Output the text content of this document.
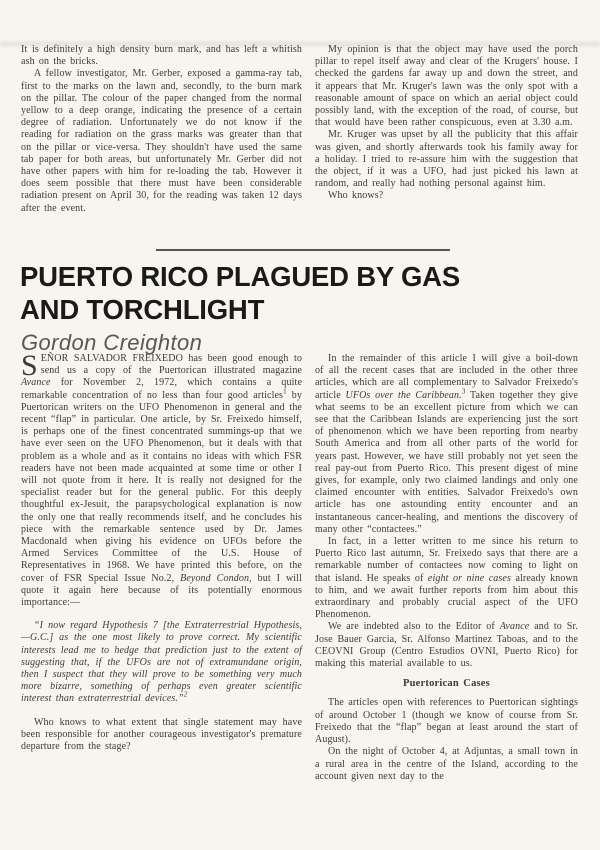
It is definitely a high density burn mark, and has left a whitish ash on the bricks.

A fellow investigator, Mr. Gerber, exposed a gamma-ray tab, first to the marks on the lawn and, secondly, to the burn mark on the pillar. The colour of the paper changed from the normal yellow to a deep orange, indicating the presence of a certain degree of radiation. Unfortunately we do not know if the reading for radiation on the grass marks was greater than that on the pillar or vice-versa. They shouldn't have used the same tab paper for both areas, but unfortunately Mr. Gerber did not have other papers with him for re-loading the tab. However it does seem possible that there must have been considerable radiation present on April 30, for the reading was taken 12 days after the event.

My opinion is that the object may have used the porch pillar to repel itself away and clear of the Krugers' house. I checked the gardens far away up and down the street, and it appears that Mr. Kruger's lawn was the only spot with a reasonable amount of space on which an aerial object could possibly land, with the exception of the road, of course, but that would have been rather conspicuous, even at 3.30 a.m.

Mr. Kruger was upset by all the publicity that this affair was given, and shortly afterwards took his family away for a holiday. I tried to re-assure him with the suggestion that the object, if it was a UFO, had just picked his lawn at random, and really had nothing personal against him.

Who knows?

PUERTO RICO PLAGUED BY GAS AND TORCHLIGHT
Gordon Creighton

SEÑOR SALVADOR FREIXEDO has been good enough to send us a copy of the Puertorican illustrated magazine Avance for November 2, 1972, which contains a quite remarkable concentration of no less than four good articles$^1$ by Puertorican writers on the UFO Phenomenon in general and the recent “flap” in particular. One article, by Sr. Freixedo himself, is perhaps one of the finest concentrated summings-up that we have ever seen on the UFO Phenomenon, but it deals with that problem as a whole and as it contains no ideas with which FSR readers have not been made acquainted at some time or other I will not quote from it here. It is really not designed for the specialist reader but for the general public. For this deeply thoughtful ex-Jesuit, the parapsychological explanation is now the only one that really recommends itself, and he concludes his piece with the remarkable sentence used by Dr. James Macdonald when giving his evidence on UFOs before the Armed Services Committee of the U.S. House of Representatives in 1968. We have printed this before, on the cover of FSR Special Issue No.2, Beyond Condon, but I will quote it again here because of its potentially enormous importance:—

“I now regard Hypothesis 7 [the Extraterrestrial Hypothesis,—G.C.] as the one most likely to prove correct. My scientific interests lead me to hedge that prediction just to the extent of suggesting that, if the UFOs are not of extramundane origin, then I suspect that they will prove to be something very much more bizarre, something of perhaps even greater scientific interest than extraterrestrial devices.”$^2$

Who knows to what extent that single statement may have been responsible for another courageous investigator's premature departure from the stage?

In the remainder of this article I will give a boil-down of all the recent cases that are included in the other three articles, which are all complementary to Salvador Freixedo's article UFOs over the Caribbean.$^3$ Taken together they give what seems to be an excellent picture from which we can see that the Caribbean Islands are experiencing just the sort of phenomenon which we have been reporting from nearby South America and from all other parts of the world for years past. However, we have still probably not yet seen the real pay-out from Puerto Rico. This present digest of mine gives, for example, only two claimed landings and only one claimed encounter with entities. Salvador Freixedo's own article has one astounding entity encounter and an instantaneous cancer-healing, and mentions the discovery of many other “contactees.”

In fact, in a letter written to me since his return to Puerto Rico last autumn, Sr. Freixedo says that there are a remarkable number of contactees now coming to light on that island. He speaks of eight or nine cases already known to him, and we await further reports from him about this extraordinary and probably crucial aspect of the UFO Phenomenon.

We are indebted also to the Editor of Avance and to Sr. Jose Bauer Garcia, Sr. Alfonso Martinez Taboas, and to the CEOVNI Group (Centro Estudios OVNI, Puerto Rico) for making this material available to us.

Puertorican Cases

The articles open with references to Puertorican sightings of around October 1 (though we know of course from Sr. Freixedo that the “flap” began at least around the start of August).

On the night of October 4, at Adjuntas, a small town in a rural area in the centre of the Island, according to the account given next day to the
